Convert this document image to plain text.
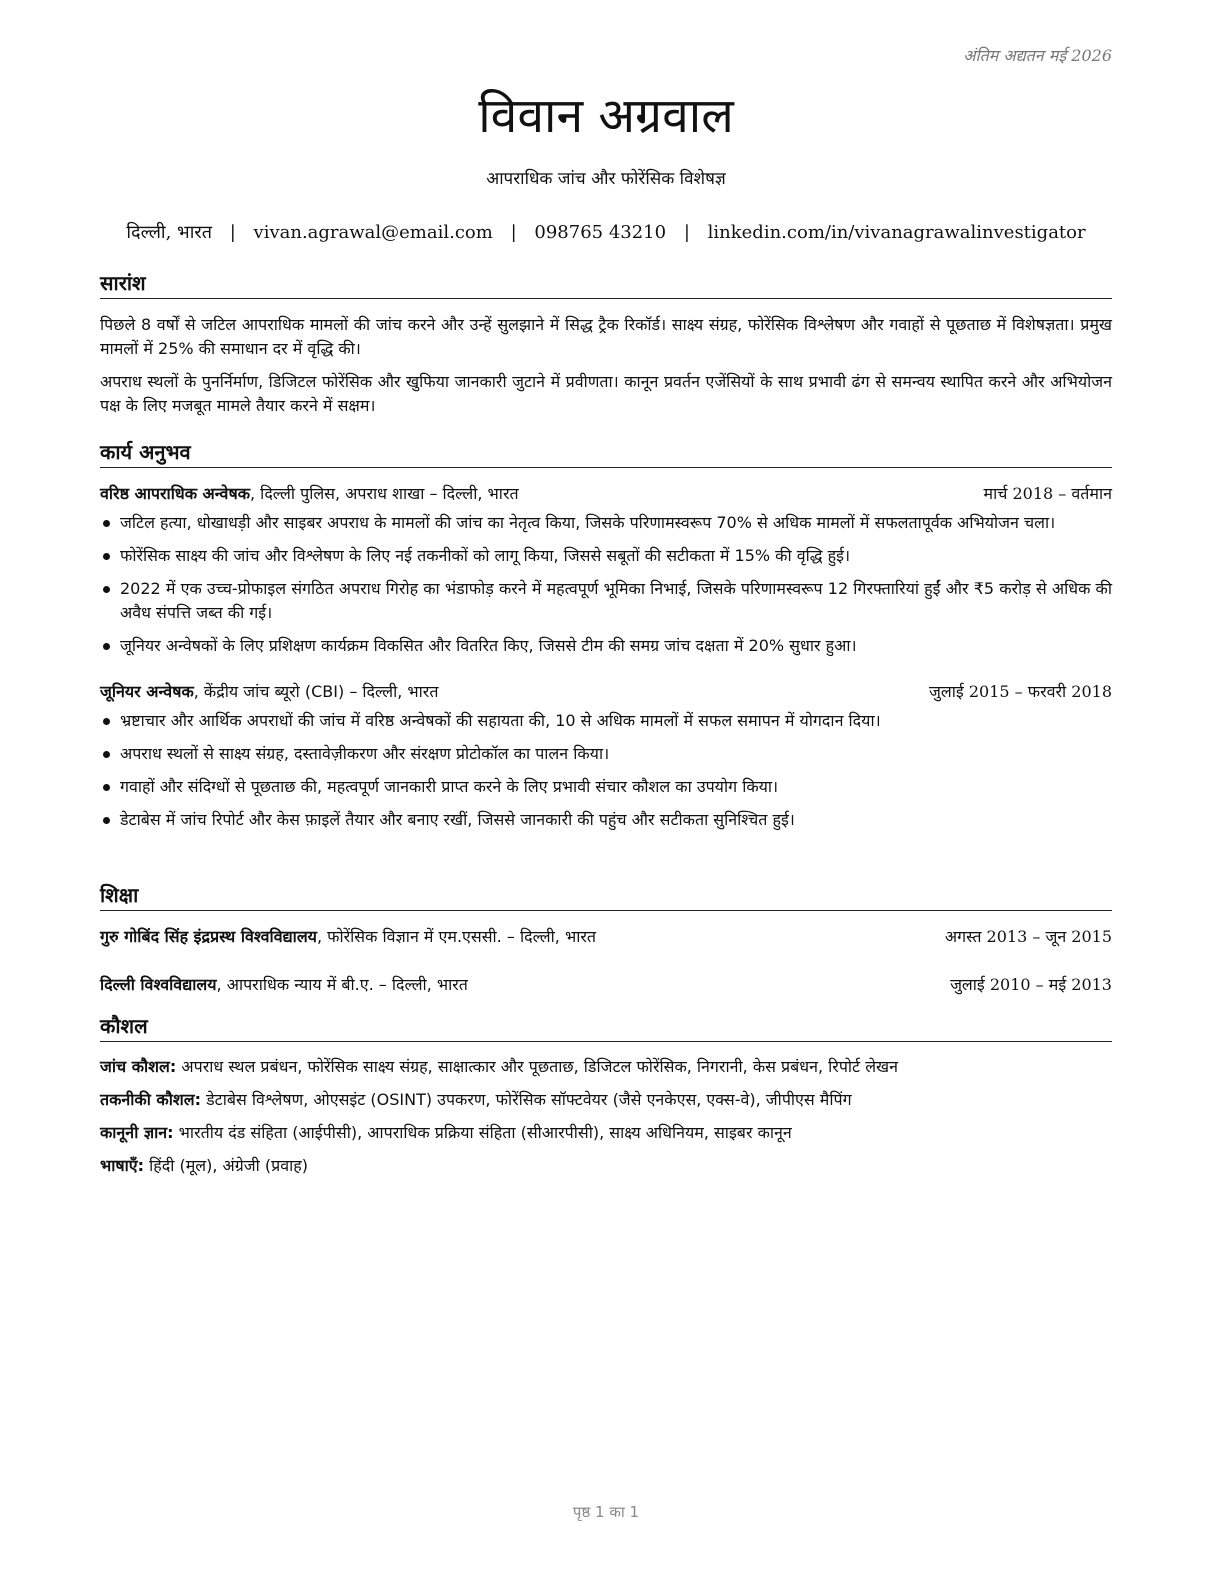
अंतिम अद्यतन मई 2026
विवान अग्रवाल
आपराधिक जांच और फोरेंसिक विशेषज्ञ
दिल्ली, भारत | vivan.agrawal@email.com | 098765 43210 | linkedin.com/in/vivanagrawalinvestigator
सारांश

पिछले 8 वर्षों से जटिल आपराधिक मामलों की जांच करने और उन्हें सुलझाने में सिद्ध ट्रैक रिकॉर्ड। साक्ष्य संग्रह, फोरेंसिक विश्लेषण और गवाहों से पूछताछ में विशेषज्ञता। प्रमुख मामलों में 25% की समाधान दर में वृद्धि की।

अपराध स्थलों के पुनर्निर्माण, डिजिटल फोरेंसिक और खुफिया जानकारी जुटाने में प्रवीणता। कानून प्रवर्तन एजेंसियों के साथ प्रभावी ढंग से समन्वय स्थापित करने और अभियोजन पक्ष के लिए मजबूत मामले तैयार करने में सक्षम।

कार्य अनुभव
वरिष्ठ आपराधिक अन्वेषक, दिल्ली पुलिस, अपराध शाखा – दिल्ली, भारत	मार्च 2018 – वर्तमान
जटिल हत्या, धोखाधड़ी और साइबर अपराध के मामलों की जांच का नेतृत्व किया, जिसके परिणामस्वरूप 70% से अधिक मामलों में सफलतापूर्वक अभियोजन चला।
फोरेंसिक साक्ष्य की जांच और विश्लेषण के लिए नई तकनीकों को लागू किया, जिससे सबूतों की सटीकता में 15% की वृद्धि हुई।
2022 में एक उच्च-प्रोफाइल संगठित अपराध गिरोह का भंडाफोड़ करने में महत्वपूर्ण भूमिका निभाई, जिसके परिणामस्वरूप 12 गिरफ्तारियां हुईं और ₹5 करोड़ से अधिक की अवैध संपत्ति जब्त की गई।
जूनियर अन्वेषकों के लिए प्रशिक्षण कार्यक्रम विकसित और वितरित किए, जिससे टीम की समग्र जांच दक्षता में 20% सुधार हुआ।
जूनियर अन्वेषक, केंद्रीय जांच ब्यूरो (CBI) – दिल्ली, भारत	जुलाई 2015 – फरवरी 2018
भ्रष्टाचार और आर्थिक अपराधों की जांच में वरिष्ठ अन्वेषकों की सहायता की, 10 से अधिक मामलों में सफल समापन में योगदान दिया।
अपराध स्थलों से साक्ष्य संग्रह, दस्तावेज़ीकरण और संरक्षण प्रोटोकॉल का पालन किया।
गवाहों और संदिग्धों से पूछताछ की, महत्वपूर्ण जानकारी प्राप्त करने के लिए प्रभावी संचार कौशल का उपयोग किया।
डेटाबेस में जांच रिपोर्ट और केस फ़ाइलें तैयार और बनाए रखीं, जिससे जानकारी की पहुंच और सटीकता सुनिश्चित हुई।
शिक्षा
गुरु गोबिंद सिंह इंद्रप्रस्थ विश्वविद्यालय, फोरेंसिक विज्ञान में एम.एससी. – दिल्ली, भारत	अगस्त 2013 – जून 2015
दिल्ली विश्वविद्यालय, आपराधिक न्याय में बी.ए. – दिल्ली, भारत	जुलाई 2010 – मई 2013
कौशल
जांच कौशल: अपराध स्थल प्रबंधन, फोरेंसिक साक्ष्य संग्रह, साक्षात्कार और पूछताछ, डिजिटल फोरेंसिक, निगरानी, केस प्रबंधन, रिपोर्ट लेखन
तकनीकी कौशल: डेटाबेस विश्लेषण, ओएसइंट (OSINT) उपकरण, फोरेंसिक सॉफ्टवेयर (जैसे एनकेएस, एक्स-वे), जीपीएस मैपिंग
कानूनी ज्ञान: भारतीय दंड संहिता (आईपीसी), आपराधिक प्रक्रिया संहिता (सीआरपीसी), साक्ष्य अधिनियम, साइबर कानून
भाषाएँ: हिंदी (मूल), अंग्रेजी (प्रवाह)
पृष्ठ 1 का 1
